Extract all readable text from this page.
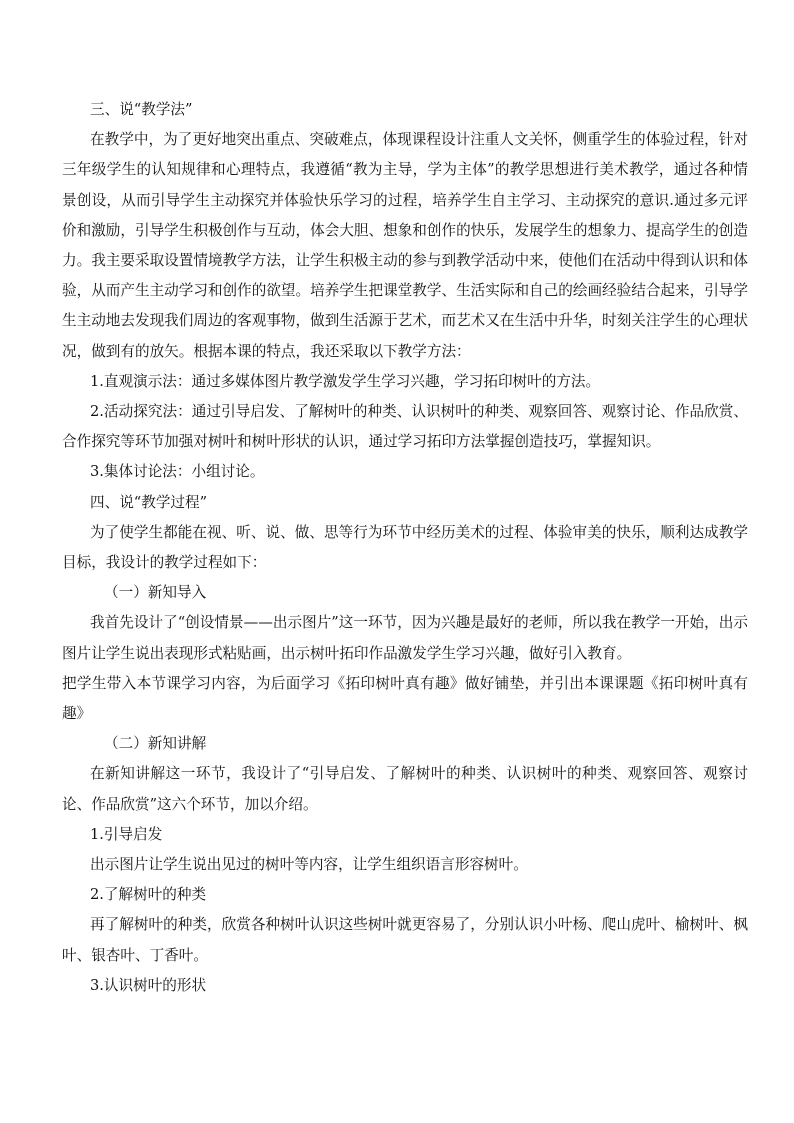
三、说“教学法”

在教学中，为了更好地突出重点、突破难点，体现课程设计注重人文关怀，侧重学生的体验过程，针对三年级学生的认知规律和心理特点，我遵循“教为主导，学为主体”的教学思想进行美术教学，通过各种情景创设，从而引导学生主动探究并体验快乐学习的过程，培养学生自主学习、主动探究的意识.通过多元评价和激励，引导学生积极创作与互动，体会大胆、想象和创作的快乐，发展学生的想象力、提高学生的创造力。我主要采取设置情境教学方法，让学生积极主动的参与到教学活动中来，使他们在活动中得到认识和体验，从而产生主动学习和创作的欲望。培养学生把课堂教学、生活实际和自己的绘画经验结合起来，引导学生主动地去发现我们周边的客观事物，做到生活源于艺术，而艺术又在生活中升华，时刻关注学生的心理状况，做到有的放矢。根据本课的特点，我还采取以下教学方法：

1.直观演示法：通过多媒体图片教学激发学生学习兴趣，学习拓印树叶的方法。

2.活动探究法：通过引导启发、了解树叶的种类、认识树叶的种类、观察回答、观察讨论、作品欣赏、合作探究等环节加强对树叶和树叶形状的认识，通过学习拓印方法掌握创造技巧，掌握知识。

3.集体讨论法：小组讨论。

四、说“教学过程”

为了使学生都能在视、听、说、做、思等行为环节中经历美术的过程、体验审美的快乐，顺利达成教学目标，我设计的教学过程如下：

（一）新知导入

我首先设计了“创设情景——出示图片”这一环节，因为兴趣是最好的老师，所以我在教学一开始，出示图片让学生说出表现形式粘贴画，出示树叶拓印作品激发学生学习兴趣，做好引入教育。

把学生带入本节课学习内容，为后面学习《拓印树叶真有趣》做好铺垫，并引出本课课题《拓印树叶真有趣》

（二）新知讲解

在新知讲解这一环节，我设计了“引导启发、了解树叶的种类、认识树叶的种类、观察回答、观察讨论、作品欣赏”这六个环节，加以介绍。

1.引导启发

出示图片让学生说出见过的树叶等内容，让学生组织语言形容树叶。

2.了解树叶的种类

再了解树叶的种类，欣赏各种树叶认识这些树叶就更容易了，分别认识小叶杨、爬山虎叶、榆树叶、枫叶、银杏叶、丁香叶。

3.认识树叶的形状
